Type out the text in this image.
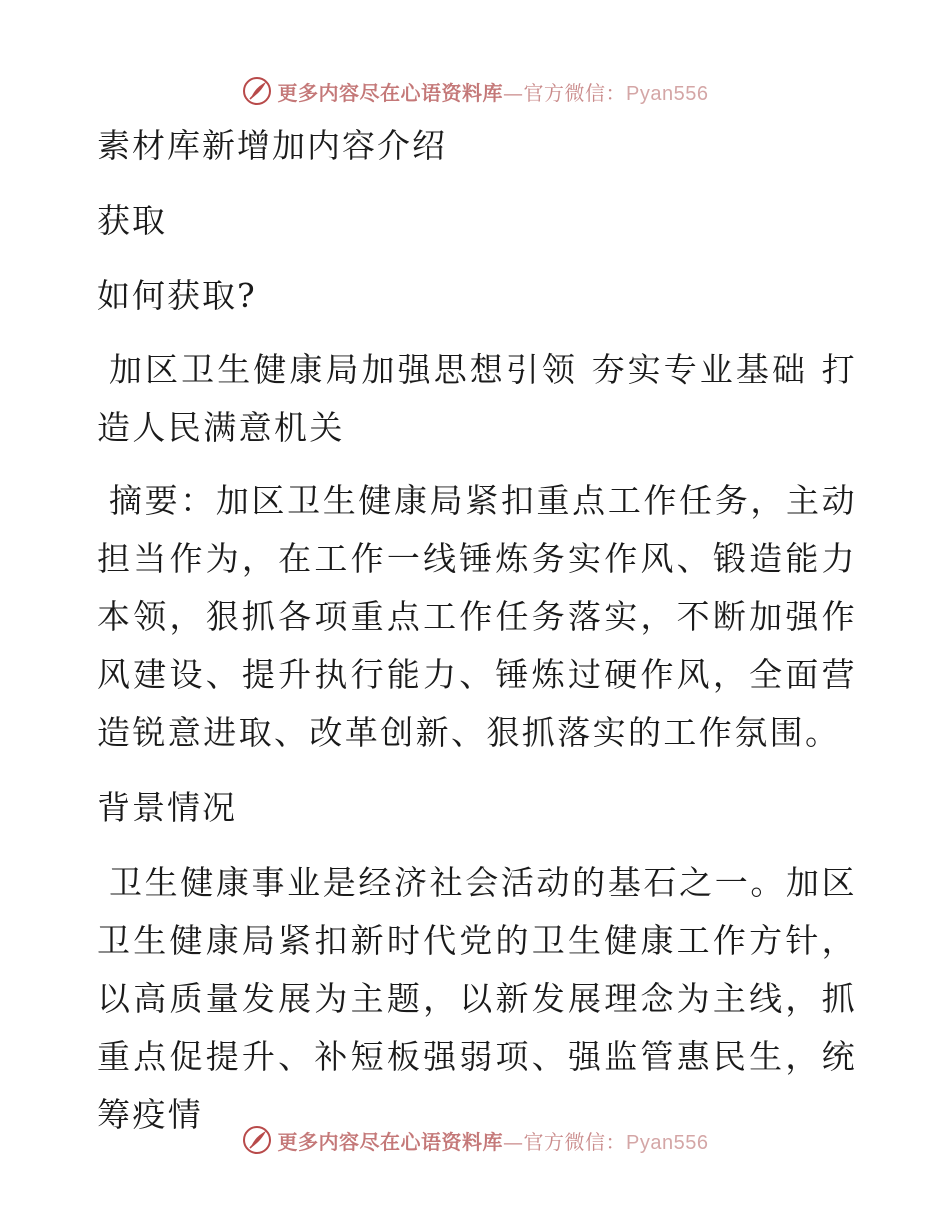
更多内容尽在心语资料库—官方微信：Pyan556
素材库新增加内容介绍
获取
如何获取?
加区卫生健康局加强思想引领 夯实专业基础 打造人民满意机关
摘要：加区卫生健康局紧扣重点工作任务，主动担当作为，在工作一线锤炼务实作风、锻造能力本领，狠抓各项重点工作任务落实，不断加强作风建设、提升执行能力、锤炼过硬作风，全面营造锐意进取、改革创新、狠抓落实的工作氛围。
背景情况
卫生健康事业是经济社会活动的基石之一。加区卫生健康局紧扣新时代党的卫生健康工作方针，以高质量发展为主题，以新发展理念为主线，抓重点促提升、补短板强弱项、强监管惠民生，统筹疫情
更多内容尽在心语资料库—官方微信：Pyan556
